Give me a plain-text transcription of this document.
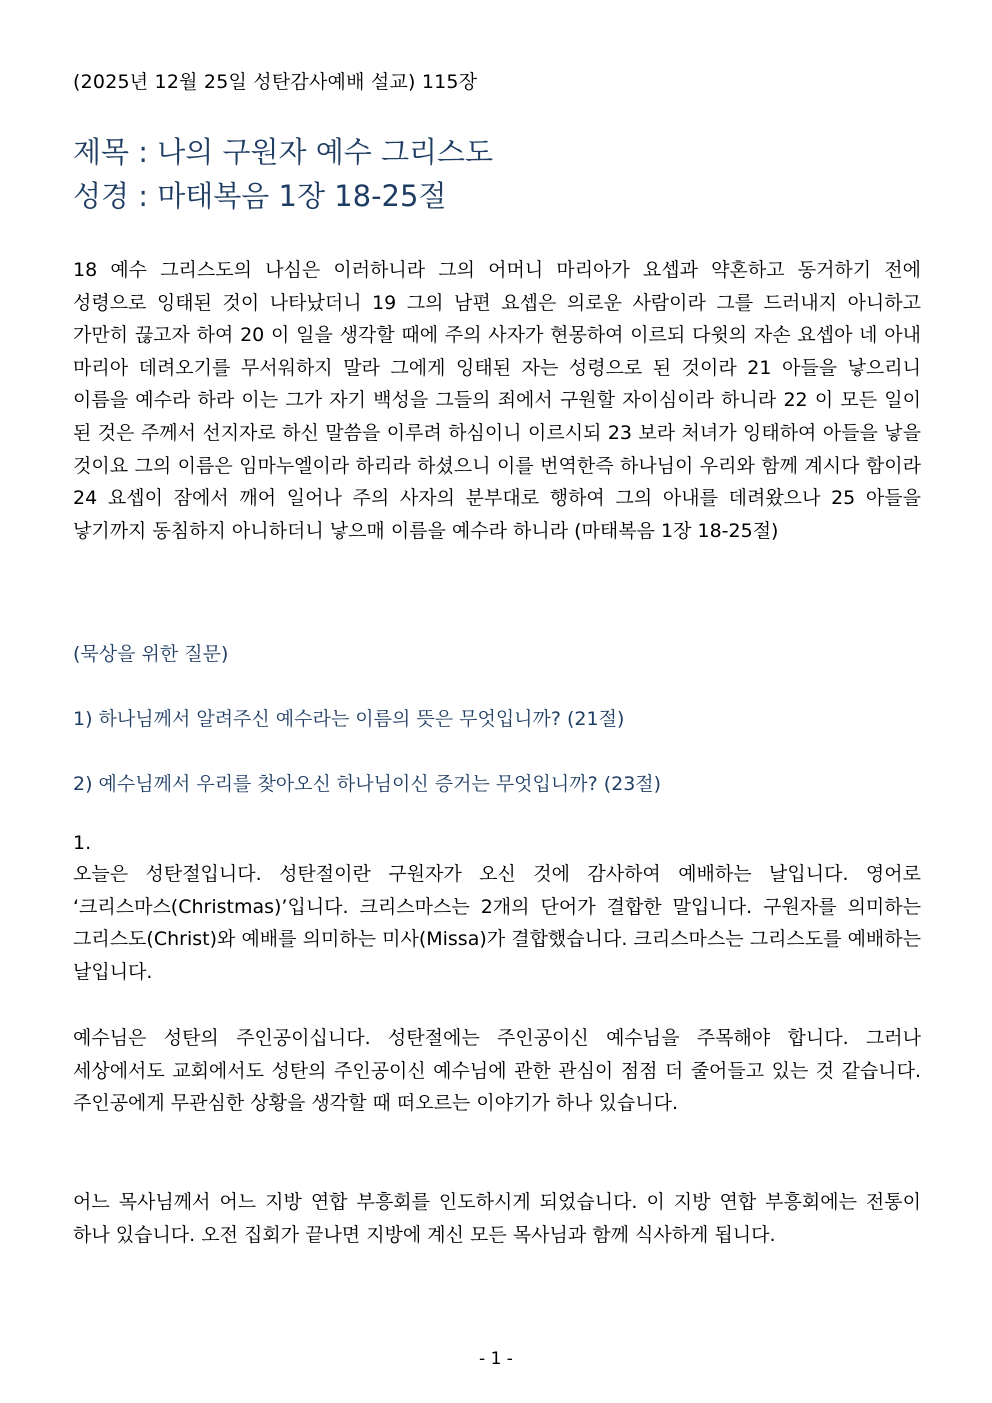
(2025년 12월 25일 성탄감사예배 설교) 115장
제목 : 나의 구원자 예수 그리스도
성경 : 마태복음 1장 18-25절
18 예수 그리스도의 나심은 이러하니라 그의 어머니 마리아가 요셉과 약혼하고 동거하기 전에 성령으로 잉태된 것이 나타났더니 19 그의 남편 요셉은 의로운 사람이라 그를 드러내지 아니하고 가만히 끊고자 하여 20 이 일을 생각할 때에 주의 사자가 현몽하여 이르되 다윗의 자손 요셉아 네 아내 마리아 데려오기를 무서워하지 말라 그에게 잉태된 자는 성령으로 된 것이라 21 아들을 낳으리니 이름을 예수라 하라 이는 그가 자기 백성을 그들의 죄에서 구원할 자이심이라 하니라 22 이 모든 일이 된 것은 주께서 선지자로 하신 말씀을 이루려 하심이니 이르시되 23 보라 처녀가 잉태하여 아들을 낳을 것이요 그의 이름은 임마누엘이라 하리라 하셨으니 이를 번역한즉 하나님이 우리와 함께 계시다 함이라 24 요셉이 잠에서 깨어 일어나 주의 사자의 분부대로 행하여 그의 아내를 데려왔으나 25 아들을 낳기까지 동침하지 아니하더니 낳으매 이름을 예수라 하니라 (마태복음 1장 18-25절)
(묵상을 위한 질문)
1) 하나님께서 알려주신 예수라는 이름의 뜻은 무엇입니까? (21절)
2) 예수님께서 우리를 찾아오신 하나님이신 증거는 무엇입니까? (23절)
1.
오늘은 성탄절입니다. 성탄절이란 구원자가 오신 것에 감사하여 예배하는 날입니다. 영어로 ‘크리스마스(Christmas)’입니다. 크리스마스는 2개의 단어가 결합한 말입니다. 구원자를 의미하는 그리스도(Christ)와 예배를 의미하는 미사(Missa)가 결합했습니다. 크리스마스는 그리스도를 예배하는 날입니다.
예수님은 성탄의 주인공이십니다. 성탄절에는 주인공이신 예수님을 주목해야 합니다. 그러나 세상에서도 교회에서도 성탄의 주인공이신 예수님에 관한 관심이 점점 더 줄어들고 있는 것 같습니다. 주인공에게 무관심한 상황을 생각할 때 떠오르는 이야기가 하나 있습니다.
어느 목사님께서 어느 지방 연합 부흥회를 인도하시게 되었습니다. 이 지방 연합 부흥회에는 전통이 하나 있습니다. 오전 집회가 끝나면 지방에 계신 모든 목사님과 함께 식사하게 됩니다.
- 1 -
